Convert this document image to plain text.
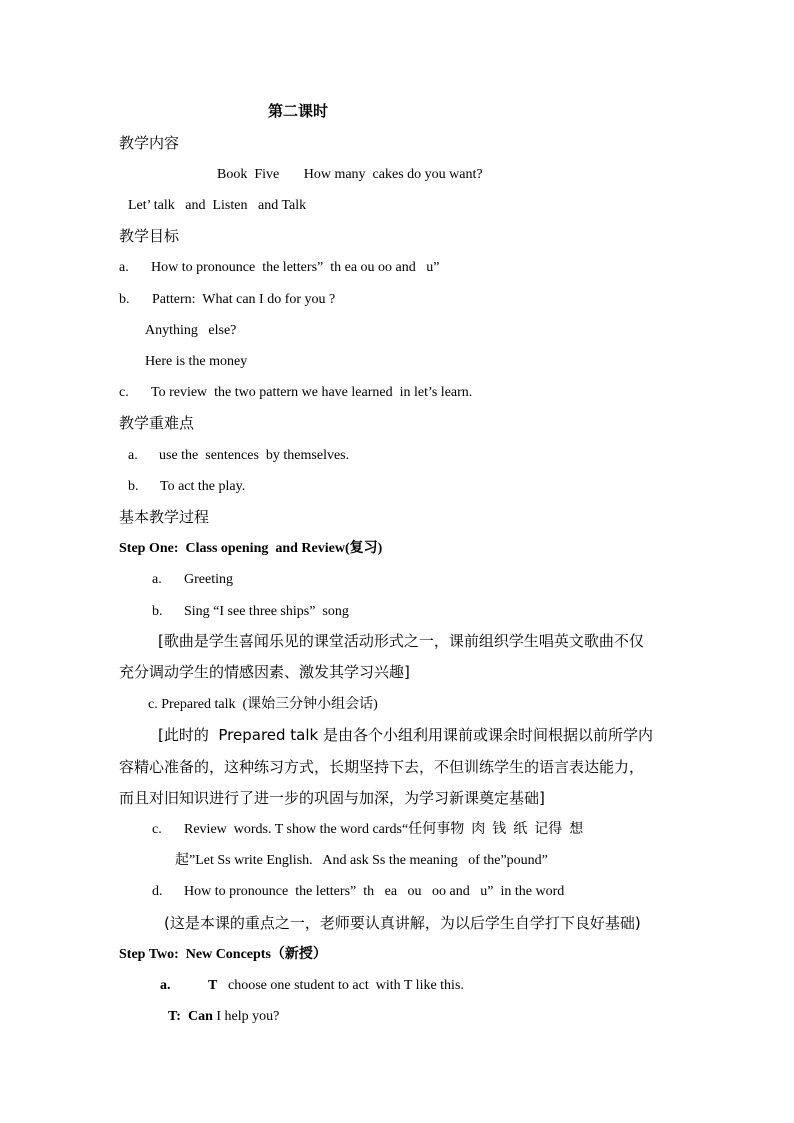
第二课时
教学内容
Book  Five       How many  cakes do you want?
Let’ talk   and  Listen   and Talk
教学目标
a. How to pronounce  the letters”  th ea ou oo and   u”
b. Pattern:  What can I do for you ?
Anything   else?
Here is the money
c. To review  the two pattern we have learned  in let’s learn.
教学重难点
a. use the  sentences  by themselves.
b. To act the play.
基本教学过程
Step One:  Class opening  and Review(复习)
a. Greeting
b. Sing “I see three ships”  song
[歌曲是学生喜闻乐见的课堂活动形式之一，课前组织学生唱英文歌曲不仅
充分调动学生的情感因素、激发其学习兴趣]
c. Prepared talk  (课始三分钟小组会话)
[此时的  Prepared talk 是由各个小组利用课前或课余时间根据以前所学内
容精心准备的，这种练习方式，长期坚持下去，不但训练学生的语言表达能力，
而且对旧知识进行了进一步的巩固与加深，为学习新课奠定基础]
c. Review  words. T show the word cards“任何事物  肉  钱  纸  记得  想
起”Let Ss write English.   And ask Ss the meaning   of the”pound”
d. How to pronounce  the letters”  th   ea   ou   oo and   u”  in the word
(这是本课的重点之一，老师要认真讲解，为以后学生自学打下良好基础)
Step Two:  New Concepts（新授）
a.	T choose one student to act  with T like this.
T:  Can I help you?
